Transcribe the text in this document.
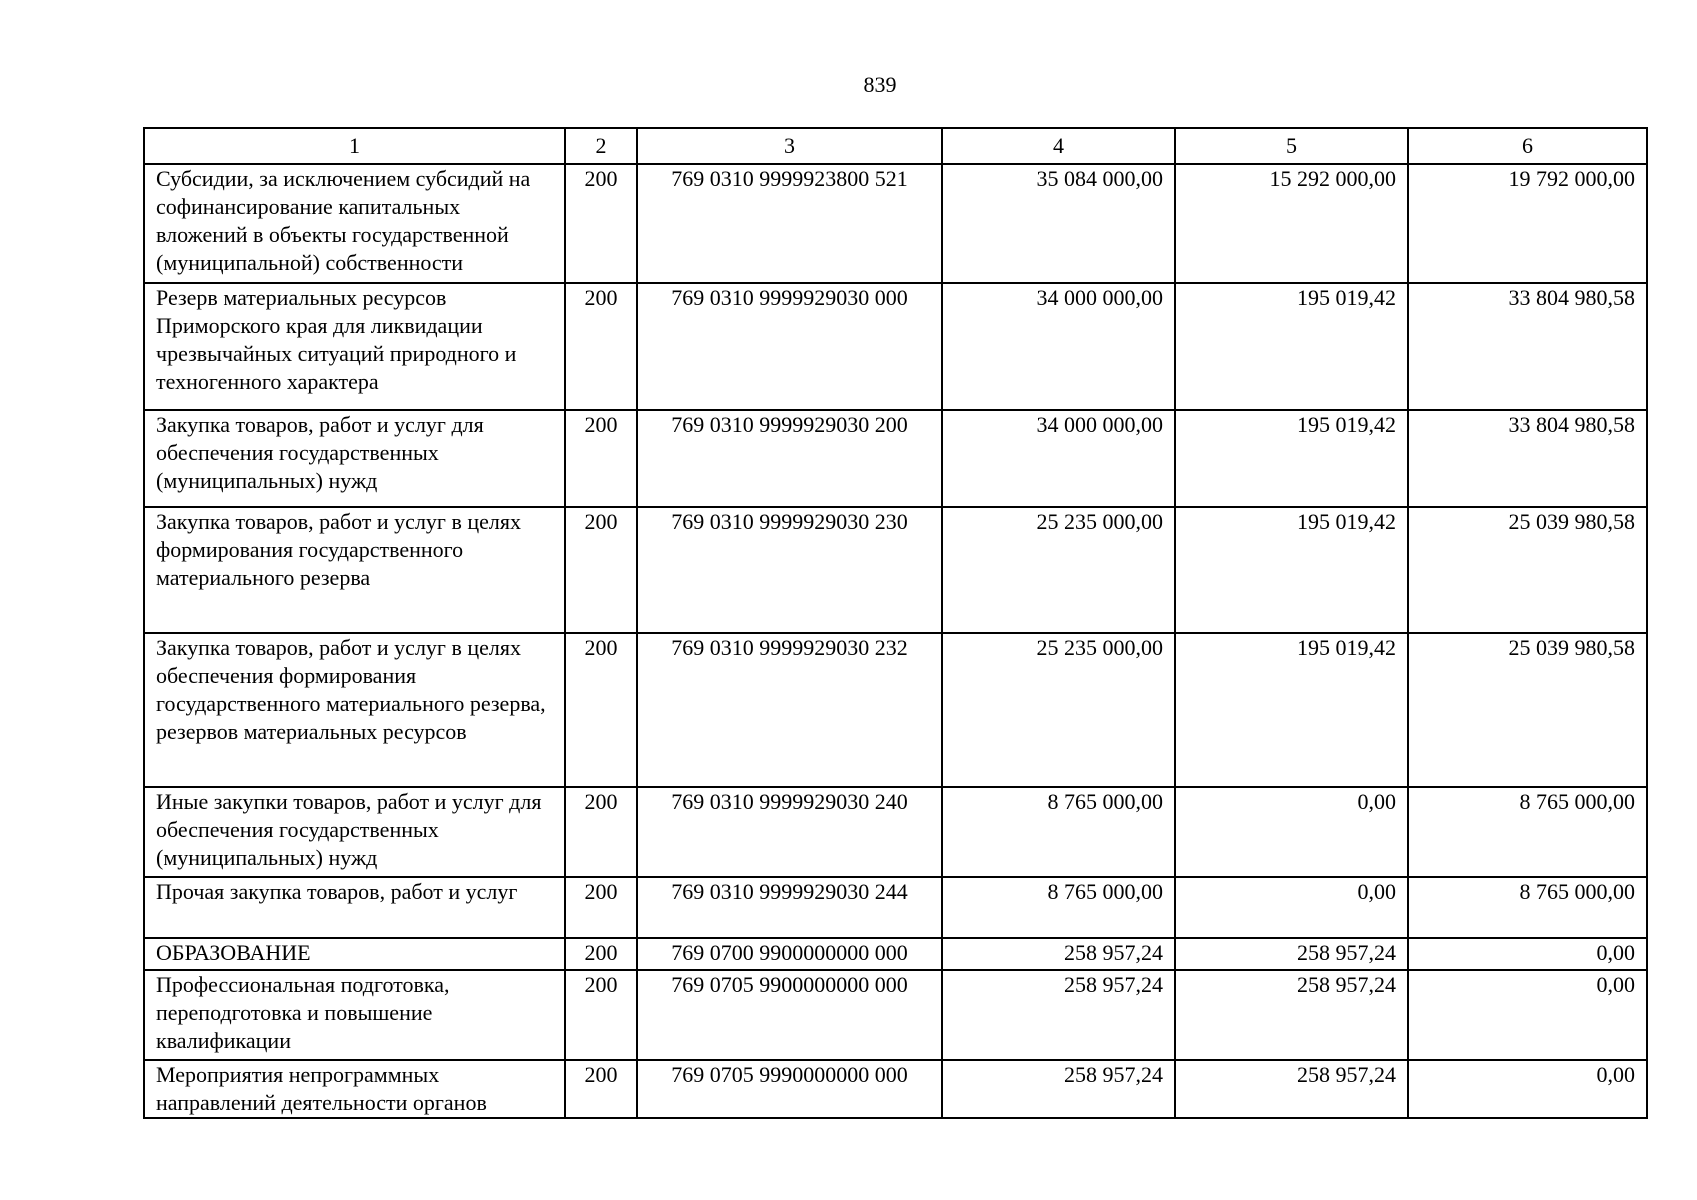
839
1	2	3	4	5	6
Субсидии, за исключением субсидий на софинансирование капитальных вложений в объекты государственной (муниципальной) собственности	200	769 0310 9999923800 521	35 084 000,00	15 292 000,00	19 792 000,00
Резерв материальных ресурсов Приморского края для ликвидации чрезвычайных ситуаций природного и техногенного характера	200	769 0310 9999929030 000	34 000 000,00	195 019,42	33 804 980,58
Закупка товаров, работ и услуг для обеспечения государственных (муниципальных) нужд	200	769 0310 9999929030 200	34 000 000,00	195 019,42	33 804 980,58
Закупка товаров, работ и услуг в целях формирования государственного материального резерва	200	769 0310 9999929030 230	25 235 000,00	195 019,42	25 039 980,58
Закупка товаров, работ и услуг в целях обеспечения формирования государственного материального резерва, резервов материальных ресурсов	200	769 0310 9999929030 232	25 235 000,00	195 019,42	25 039 980,58
Иные закупки товаров, работ и услуг для обеспечения государственных (муниципальных) нужд	200	769 0310 9999929030 240	8 765 000,00	0,00	8 765 000,00
Прочая закупка товаров, работ и услуг	200	769 0310 9999929030 244	8 765 000,00	0,00	8 765 000,00
ОБРАЗОВАНИЕ	200	769 0700 9900000000 000	258 957,24	258 957,24	0,00
Профессиональная подготовка, переподготовка и повышение квалификации	200	769 0705 9900000000 000	258 957,24	258 957,24	0,00
Мероприятия непрограммных направлений деятельности органов	200	769 0705 9990000000 000	258 957,24	258 957,24	0,00
